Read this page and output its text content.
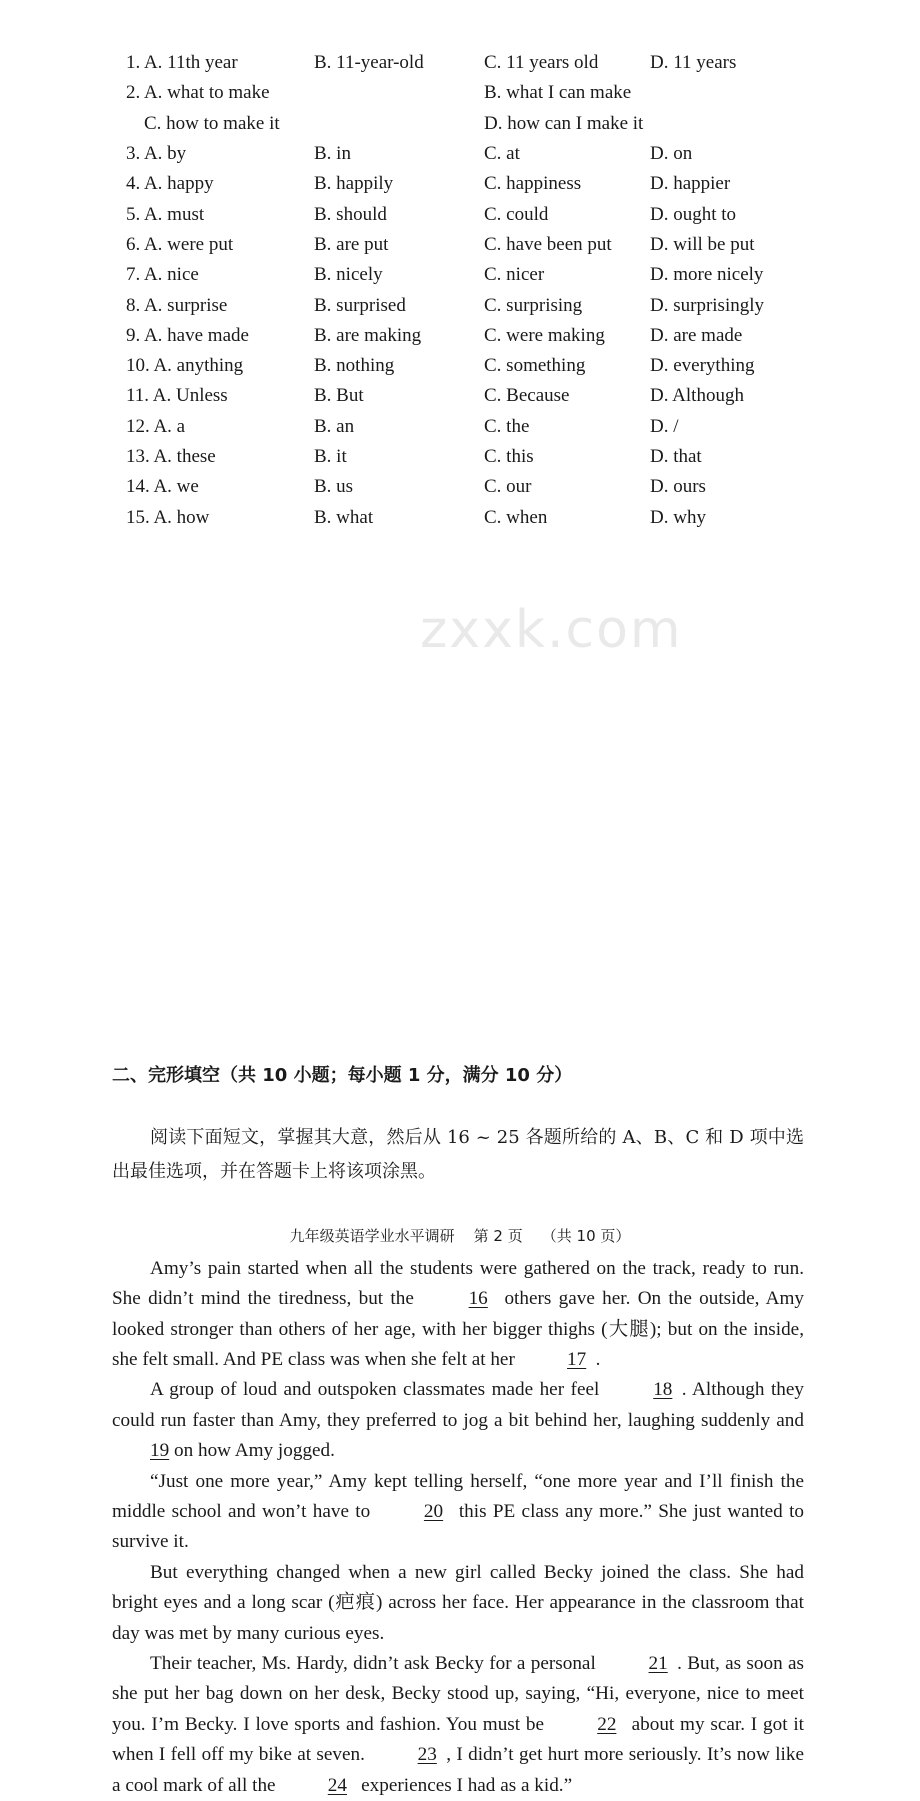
zxxk.com
1. A. 11th year	B. 11-year-old	C. 11 years old	D. 11 years
2. A. what to make	B. what I can make
C. how to make it	D. how can I make it
3. A. by	B. in	C. at	D. on
4. A. happy	B. happily	C. happiness	D. happier
5. A. must	B. should	C. could	D. ought to
6. A. were put	B. are put	C. have been put	D. will be put
7. A. nice	B. nicely	C. nicer	D. more nicely
8. A. surprise	B. surprised	C. surprising	D. surprisingly
9. A. have made	B. are making	C. were making	D. are made
10. A. anything	B. nothing	C. something	D. everything
11. A. Unless	B. But	C. Because	D. Although
12. A. a	B. an	C. the	D. /
13. A. these	B. it	C. this	D. that
14. A. we	B. us	C. our	D. ours
15. A. how	B. what	C. when	D. why
二、完形填空（共 10 小题；每小题 1 分，满分 10 分）
阅读下面短文，掌握其大意，然后从 16 ~ 25 各题所给的 A、B、C 和 D 项中选出最佳选项，并在答题卡上将该项涂黑。

Amy’s pain started when all the students were gathered on the track, ready to run. She didn’t mind the tiredness, but the 16 others gave her. On the outside, Amy looked stronger than others of her age, with her bigger thighs (大腿); but on the inside, she felt small. And PE class was when she felt at her 17 .

A group of loud and outspoken classmates made her feel 18 . Although they could run faster than Amy, they preferred to jog a bit behind her, laughing suddenly and 19 on how Amy jogged.

“Just one more year,” Amy kept telling herself, “one more year and I’ll finish the middle school and won’t have to 20 this PE class any more.” She just wanted to survive it.

But everything changed when a new girl called Becky joined the class. She had bright eyes and a long scar (疤痕) across her face. Her appearance in the classroom that day was met by many curious eyes.

Their teacher, Ms. Hardy, didn’t ask Becky for a personal 21 . But, as soon as she put her bag down on her desk, Becky stood up, saying, “Hi, everyone, nice to meet you. I’m Becky. I love sports and fashion. You must be 22 about my scar. I got it when I fell off my bike at seven. 23 , I didn’t get hurt more seriously. It’s now like a cool mark of all the 24 experiences I had as a kid.”

九年级英语学业水平调研    第 2 页    （共 10 页）
